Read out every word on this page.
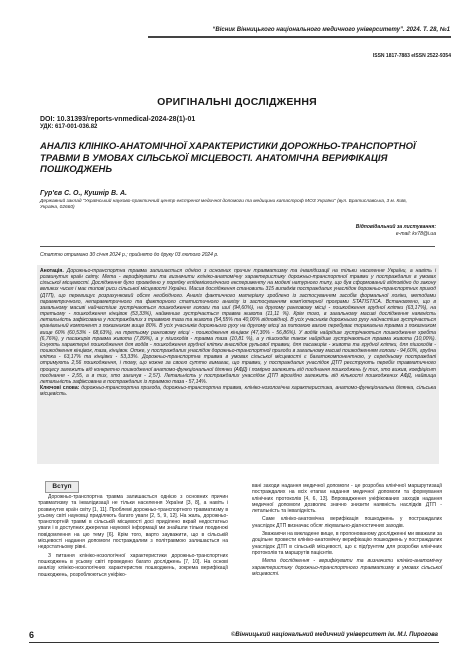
“Вісник Вінницького національного медичного університету”. 2024. Т. 28, №1
ISSN 1817-7883 eISSN 2522-9354
ОРИГІНАЛЬНІ ДОСЛІДЖЕННЯ
DOI: 10.31393/reports-vnmedical-2024-28(1)-01
УДК: 617-001-036.82
АНАЛІЗ КЛІНІКО-АНАТОМІЧНОЇ ХАРАКТЕРИСТИКИ ДОРОЖНЬО-ТРАНСПОРТНОЇ ТРАВМИ В УМОВАХ СІЛЬСЬКОЇ МІСЦЕВОСТІ. АНАТОМІЧНА ВЕРИФІКАЦІЯ ПОШКОДЖЕНЬ
Гур'єв С. О., Кушнір В. А.
Державний заклад "Український науково-практичний центр екстреної медичної допомоги та медицини катастроф МОЗ України" (вул. Братиславська, 3 м. Київ, Україна, 02660)
Відповідальний за листування:
e-mail: kv78@i.ua
Статтю отримано 30 січня 2024 р.; прийнято до друку 03 лютого 2024 р.
Анотація. Дорожньо-транспортна травма залишається однією з основних причин травматизму та інвалідизації на тільки населення України, а навіть і розвинутих країн світу. Мета - верифікувати та визначити клініко-анатомічну характеристику дорожньо-транспортної травми у постраждалих в умовах сільської місцевості. Дослідження було проведено у порядку епідеміологічного експерименту на моделі натурного типу, що був сформований відповідно до закону великих чисел і має типові риси сільської місцевості України. Масив дослідження становить 315 випадків постраждалих унаслідок дорожньо-транспортних пригод (ДТП), що перевищує розрахунковий обсяг необхідного. Аналіз фактичного матеріалу зроблено із застосуванням засобів формальної логіки, методами параметричного, непараметричного та факторного статистичного аналізу із застосуванням комп'ютерної програми STATISTICA. Встановлено, що в загальному масиві найчастіше зустрічаються пошкодження голови та шиї (94,60%), на другому ранговому місці - пошкодження грудної клітки (63,17%), на третьому - пошкодження кінцівок (53,33%), найменше зустрічається травма живота (11,11 %). Крім того, в загальному масиві дослідження наявність летальність зафіксована у постраждалих з травмою таза та живота (54,55% та 40,00% відповідно). В усіх учасників дорожнього руху найчастіше зустрічається краніальний компонент з показником вище 80%. В усіх учасників дорожнього руху на другому місці за питомою вагою перебуває торакальна травма з показником вище 60% (60,53% - 68,63%), на третьому ранговому місці - пошкодження кінцівок (47,30% - 56,86%). У водіїв найрідше зустрічаються пошкодження хребта (6,76%), у пасажирів травма живота (7,89%), а у пішоходів - травма таза (10,81 %), а у пішоходів також найрідше зустрічаються травма живота (10,00%). Існують характерні пошкодження для водіїв - пошкодження грудної клітки внаслідок рульової травми, для пасажирів - живота та грудної клітки, для пішоходів - пошкодження кінцівок, таза, кінцівок. Отже, у постраждалих унаслідок дорожньо-транспортної пригоди в загальному масиві пошкодженням голови - 94,60%, грудна клітка - 63,17% та кінцівки - 53,33%. Дорожньо-транспортна травма в умовах сільської місцевості є багатокомпонентною, у середньому постраждалі отримують 2,56 пошкодження, і тому, що кожне за своєю суттю вимагає, що травми, у постраждалих унаслідок ДТП реєструють перебіг травматичного процесу залежить від конкретно пошкодженої анатомо-функціональної ділянки (АФД) і помірно залежить від поєднання пошкоджень (у тих, хто вижив, коефіцієнт поєднання - 2,55, а в тих, хто загинув - 2,57). Летальність у постраждалих унаслідок ДТП вірогідно залежить від кількості пошкоджених АФД, найвища летальність зафіксована в постраждалих із травмою таза - 57,14%.
Ключові слова: дорожньо-транспортна пригода, дорожньо-транспортна травма, клініко-нозологічна характеристика, анатомо-функціональна ділянка, сільська місцевість.
Вступ

Дорожньо-транспортна травма залишається однією з основних причин травматизму та інвалідизації не тільки населення України [3, 8], а навіть і розвинутих країн світу [1, 11]. Проблемі дорожньо-транспортного травматизму в усьому світі науковці приділяють багато уваги [2, 5, 9, 12]. На жаль, дорожньо-транспортній травмі в сільській місцевості досі приділено вкрай недостатньо уваги і в доступних джерелах наукової інформації ми знайшли тільки поодинокі повідомлення на цю тему [6]. Крім того, варто зауважити, що в сільській місцевості надання допомоги постраждалим з політравмою залишається на недостатньому рівні.

З питання клініко-нозологічної характеристики дорожньо-транспортних пошкоджень в усьому світі проведено багато досліджень [7, 10]. На основі аналізу клініко-нозологічних характеристик пошкоджень, зокрема верифікації пошкоджень, розроблюються уніфіко-

вані заходи надання медичної допомоги - це розробка клінічної маршрутизації постраждалих на всіх етапах надання медичної допомоги та формування клінічних протоколів [4, 6, 13]. Впровадження уніфікованих заходів надання медичної допомоги дозволяє значно знизити наявність наслідків ДТП - летальність та інвалідність.

Саме клініко-анатомічна верифікація пошкоджень у постраждалих унаслідок ДТП визначає обсяг лікувально-діагностичних заходів.

Зважаючи на викладене вище, в пропонованому дослідженні ми вважали за доцільне провести клініко-анатомічну верифікацію пошкоджень у постраждалих унаслідок ДТП в сільській місцевості, що є підґрунтям для розробки клінічних протоколів та маршрутів пацієнтів.

Мета дослідження - верифікувати та визначити клініко-анатомічну характеристику дорожньо-транспортного травматизму в умовах сільської місцевості.

6	©Вінницький національний медичний університет ім. М.І. Пирогова
